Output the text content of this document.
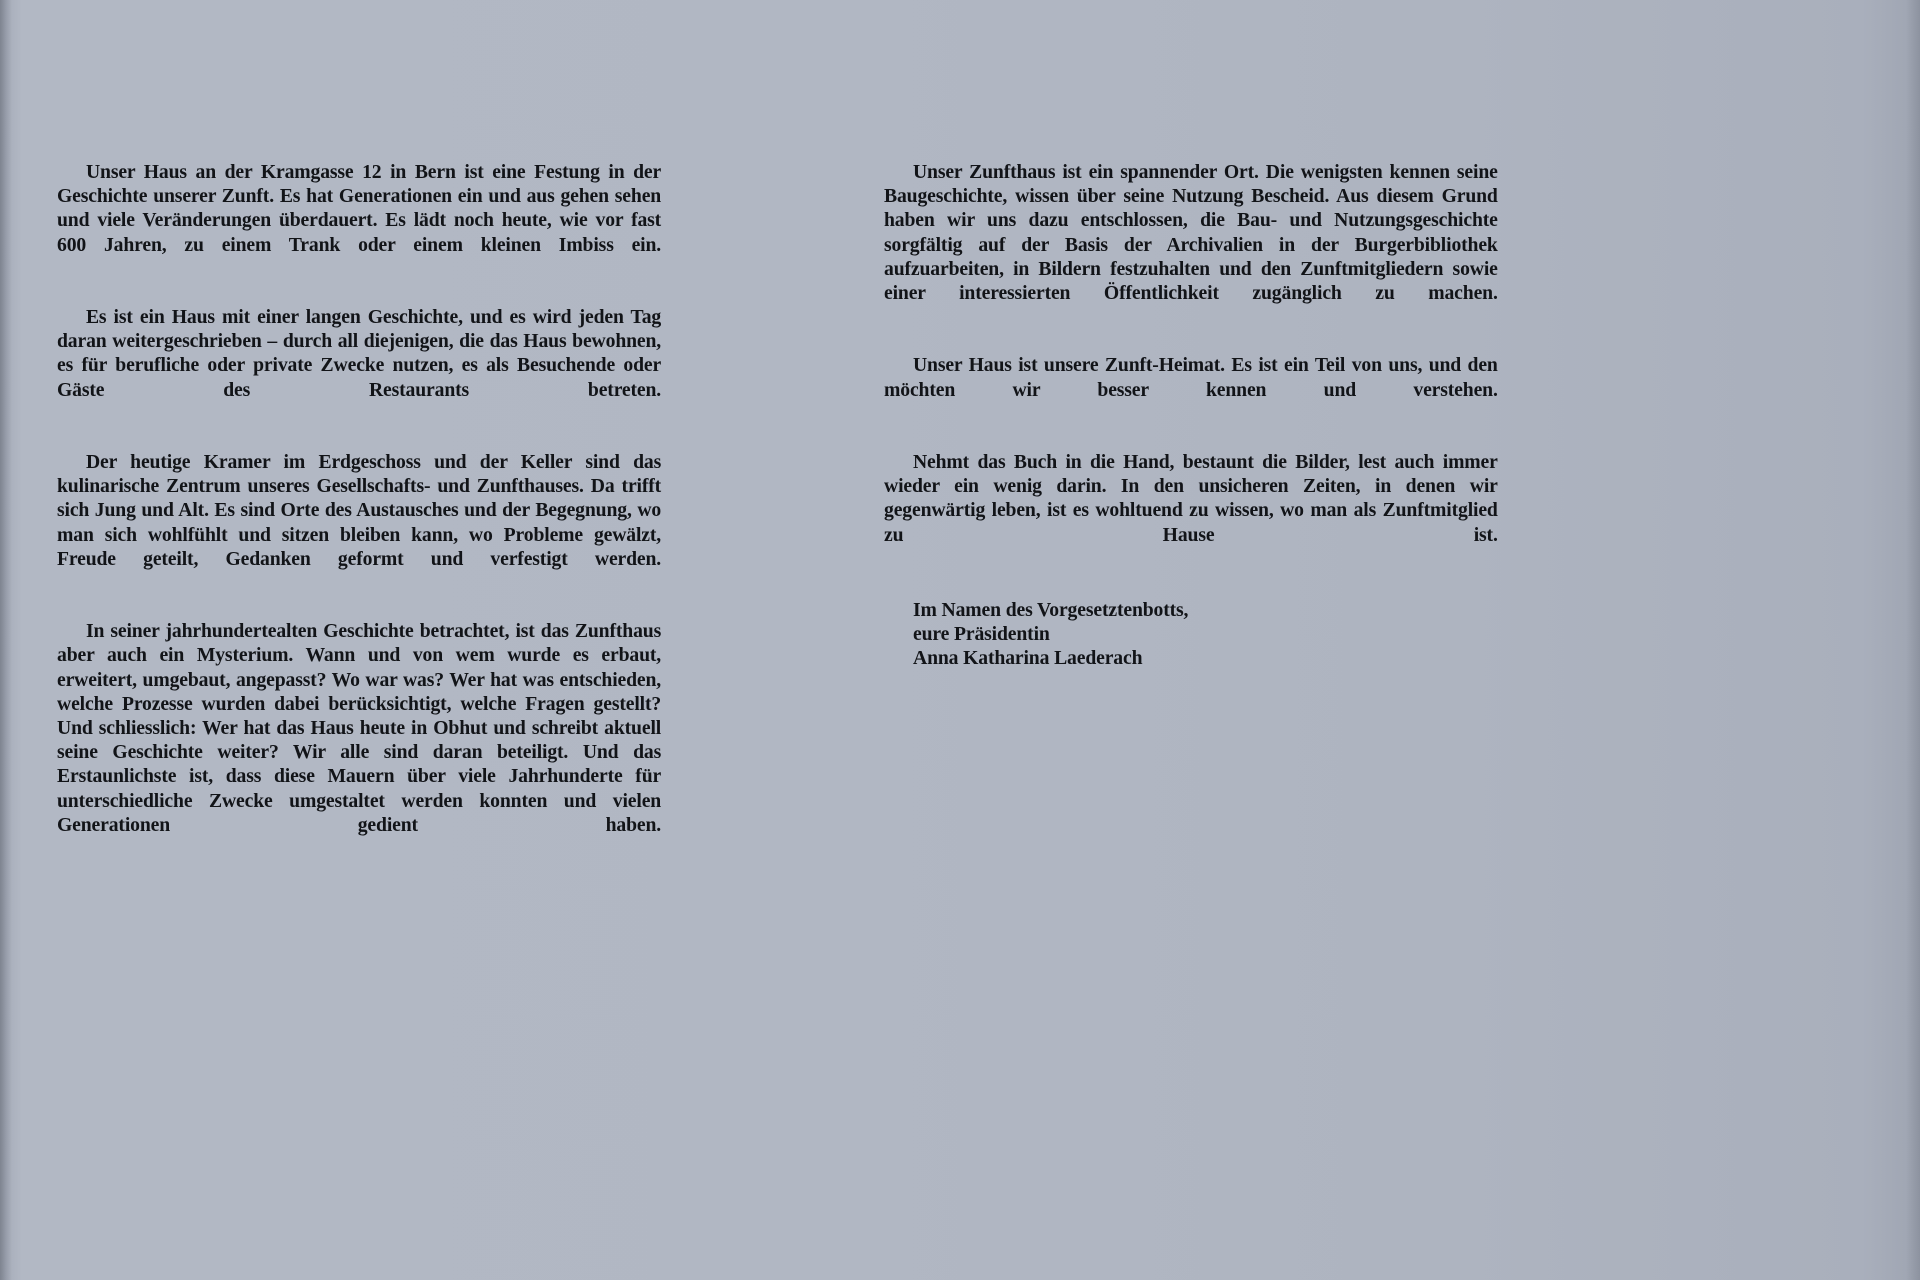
Unser Haus an der Kramgasse 12 in Bern ist eine Festung in der Geschichte unserer Zunft. Es hat Generationen ein und aus gehen sehen und viele Veränderungen überdauert. Es lädt noch heute, wie vor fast 600 Jahren, zu einem Trank oder einem kleinen Imbiss ein.

Es ist ein Haus mit einer langen Geschichte, und es wird jeden Tag daran weitergeschrieben – durch all diejenigen, die das Haus bewohnen, es für berufliche oder private Zwecke nutzen, es als Besuchende oder Gäste des Restaurants betreten.

Der heutige Kramer im Erdgeschoss und der Keller sind das kulinarische Zentrum unseres Gesellschafts- und Zunfthauses. Da trifft sich Jung und Alt. Es sind Orte des Austausches und der Begegnung, wo man sich wohlfühlt und sitzen bleiben kann, wo Probleme gewälzt, Freude geteilt, Gedanken geformt und verfestigt werden.

In seiner jahrhundertealten Geschichte betrachtet, ist das Zunfthaus aber auch ein Mysterium. Wann und von wem wurde es erbaut, erweitert, umgebaut, angepasst? Wo war was? Wer hat was entschieden, welche Prozesse wurden dabei berücksichtigt, welche Fragen gestellt? Und schliesslich: Wer hat das Haus heute in Obhut und schreibt aktuell seine Geschichte weiter? Wir alle sind daran beteiligt. Und das Erstaunlichste ist, dass diese Mauern über viele Jahrhunderte für unterschiedliche Zwecke umgestaltet werden konnten und vielen Generationen gedient haben.

Unser Zunfthaus ist ein spannender Ort. Die wenigsten kennen seine Baugeschichte, wissen über seine Nutzung Bescheid. Aus diesem Grund haben wir uns dazu entschlossen, die Bau- und Nutzungsgeschichte sorgfältig auf der Basis der Archivalien in der Burgerbibliothek aufzuarbeiten, in Bildern festzuhalten und den Zunftmitgliedern sowie einer interessierten Öffentlichkeit zugänglich zu machen.

Unser Haus ist unsere Zunft-Heimat. Es ist ein Teil von uns, und den möchten wir besser kennen und verstehen.

Nehmt das Buch in die Hand, bestaunt die Bilder, lest auch immer wieder ein wenig darin. In den unsicheren Zeiten, in denen wir gegenwärtig leben, ist es wohltuend zu wissen, wo man als Zunftmitglied zu Hause ist.

Im Namen des Vorgesetztenbotts,
eure Präsidentin
Anna Katharina Laederach
